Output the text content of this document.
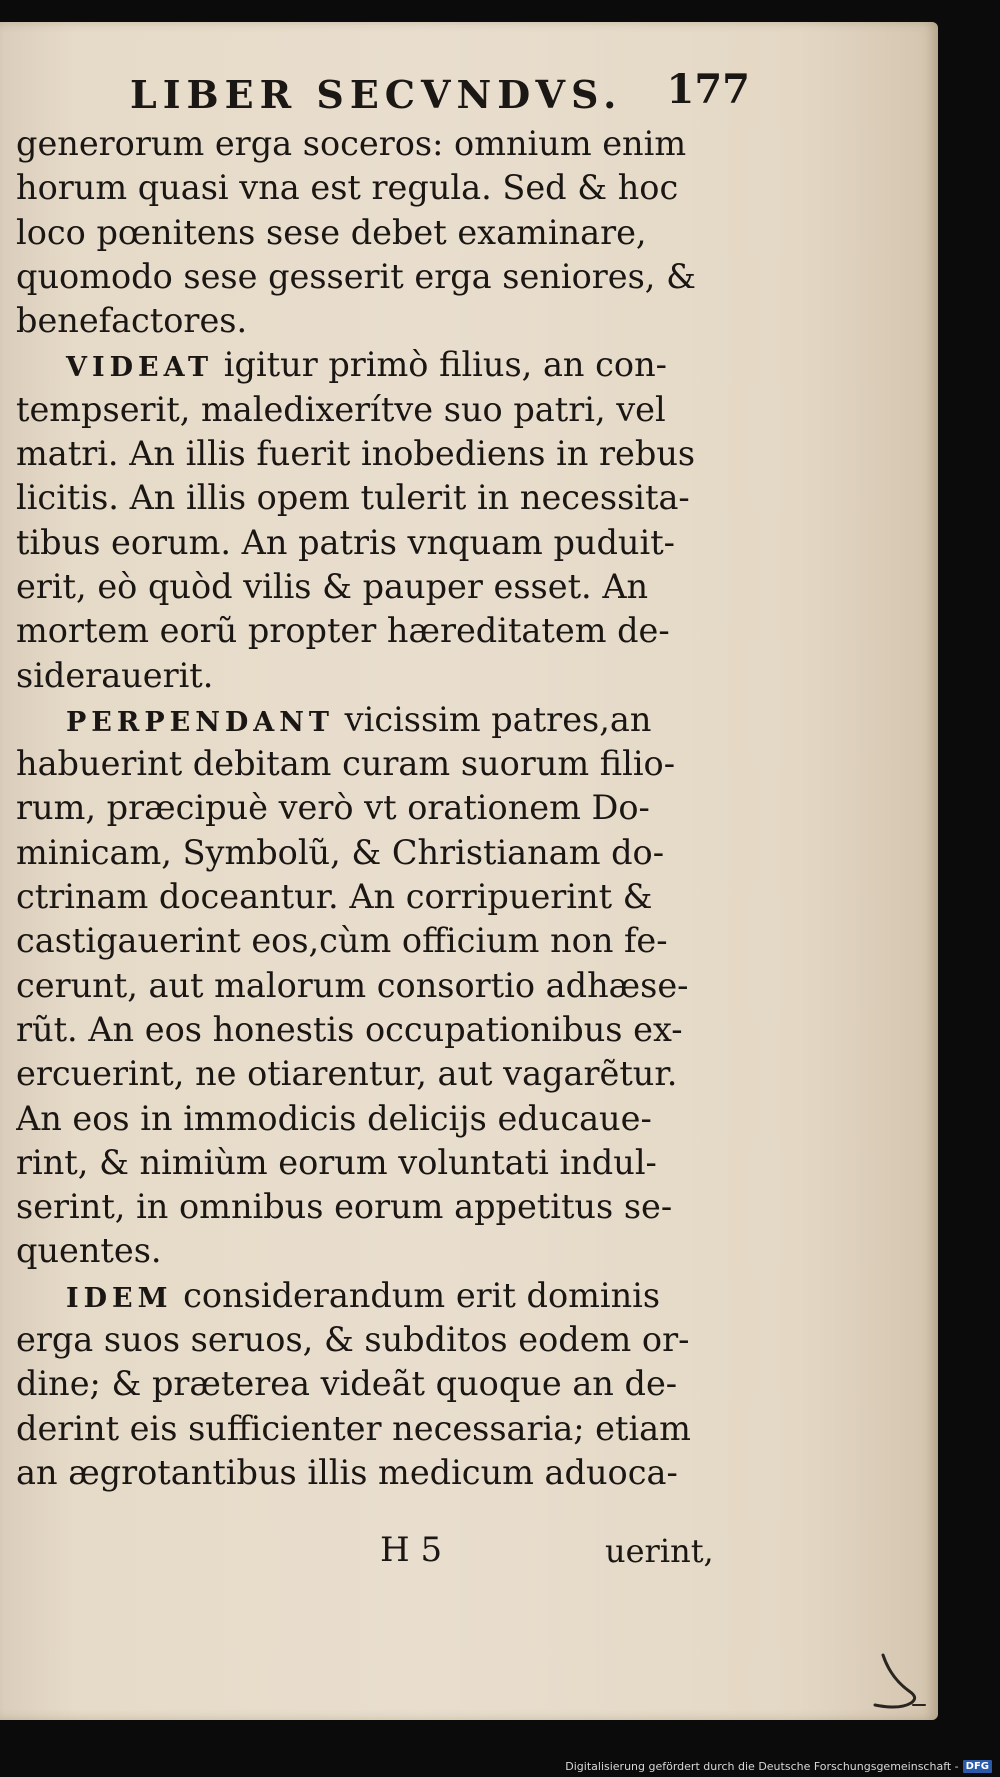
LIBER SECVNDVS. 177

generorum erga soceros: omnium enim
horum quasi vna est regula. Sed & hoc
loco pœnitens sese debet examinare,
quomodo sese gesserit erga seniores, &
benefactores.

VIDEAT igitur primò filius, an con-
tempserit, maledixerítve suo patri, vel
matri. An illis fuerit inobediens in rebus
licitis. An illis opem tulerit in necessita-
tibus eorum. An patris vnquam puduit-
erit, eò quòd vilis & pauper esset. An
mortem eorũ propter hæreditatem de-
siderauerit.

PERPENDANT vicissim patres,an
habuerint debitam curam suorum filio-
rum, præcipuè verò vt orationem Do-
minicam, Symbolũ, & Christianam do-
ctrinam doceantur. An corripuerint &
castigauerint eos,cùm officium non fe-
cerunt, aut malorum consortio adhæse-
rũt. An eos honestis occupationibus ex-
ercuerint, ne otiarentur, aut vagarẽtur.
An eos in immodicis delicijs educaue-
rint, & nimiùm eorum voluntati indul-
serint, in omnibus eorum appetitus se-
quentes.

IDEM considerandum erit dominis
erga suos seruos, & subditos eodem or-
dine; & præterea videãt quoque an de-
derint eis sufficienter necessaria; etiam
an ægrotantibus illis medicum aduoca-

H 5	uerint,
Digitalisierung gefördert durch die Deutsche Forschungsgemeinschaft - DFG
